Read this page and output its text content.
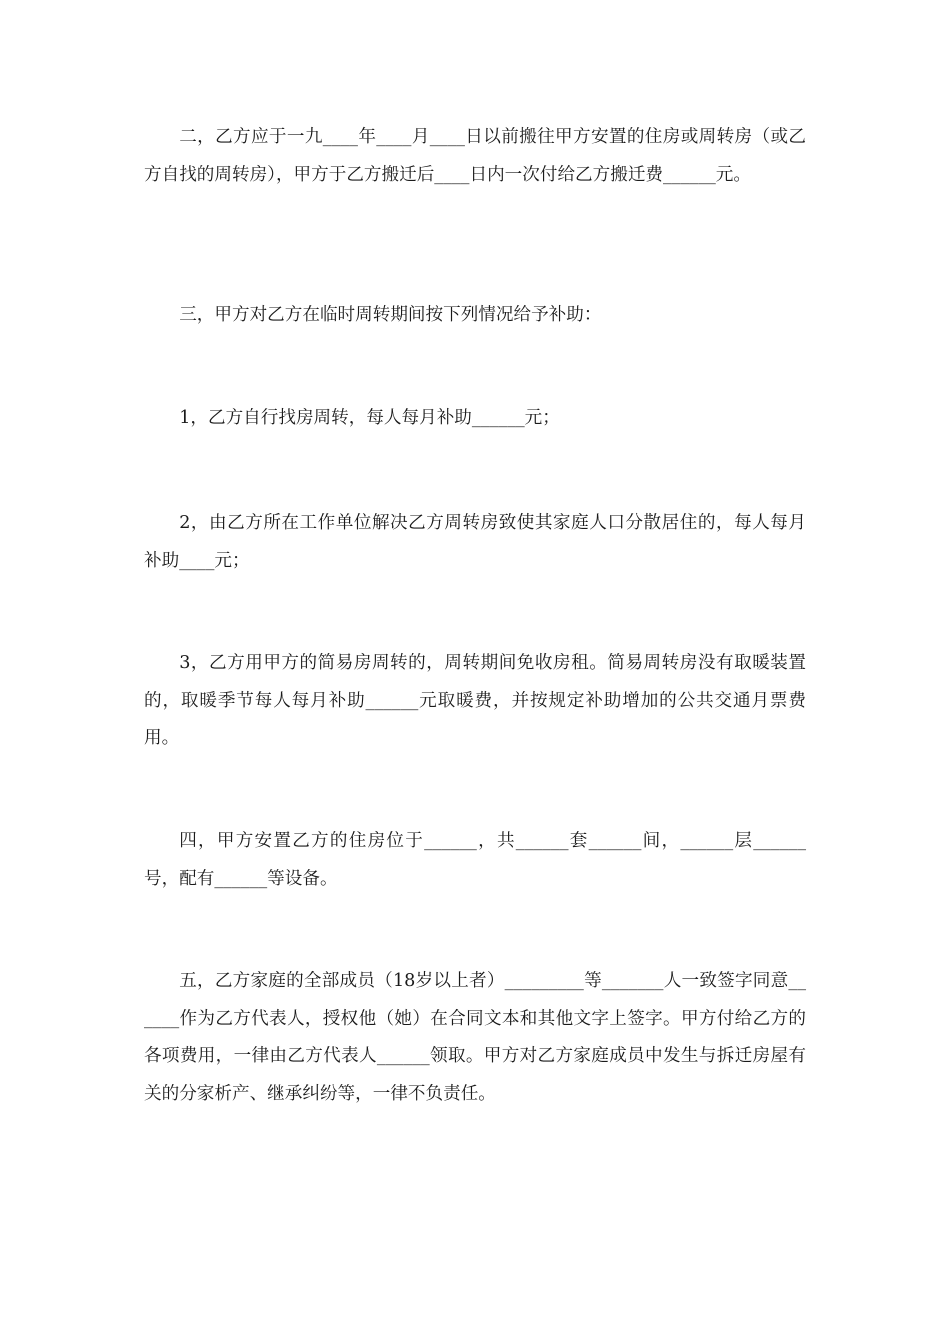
二，乙方应于一九____年____月____日以前搬往甲方安置的住房或周转房（或乙方自找的周转房），甲方于乙方搬迁后____日内一次付给乙方搬迁费______元。

三，甲方对乙方在临时周转期间按下列情况给予补助：

1，乙方自行找房周转，每人每月补助______元；

2，由乙方所在工作单位解决乙方周转房致使其家庭人口分散居住的，每人每月补助____元；

3，乙方用甲方的简易房周转的，周转期间免收房租。简易周转房没有取暖装置的，取暖季节每人每月补助______元取暖费，并按规定补助增加的公共交通月票费用。

四，甲方安置乙方的住房位于______，共______套______间，______层______号，配有______等设备。

五，乙方家庭的全部成员（18岁以上者）_________等_______人一致签字同意______作为乙方代表人，授权他（她）在合同文本和其他文字上签字。甲方付给乙方的各项费用，一律由乙方代表人______领取。甲方对乙方家庭成员中发生与拆迁房屋有关的分家析产、继承纠纷等，一律不负责任。
